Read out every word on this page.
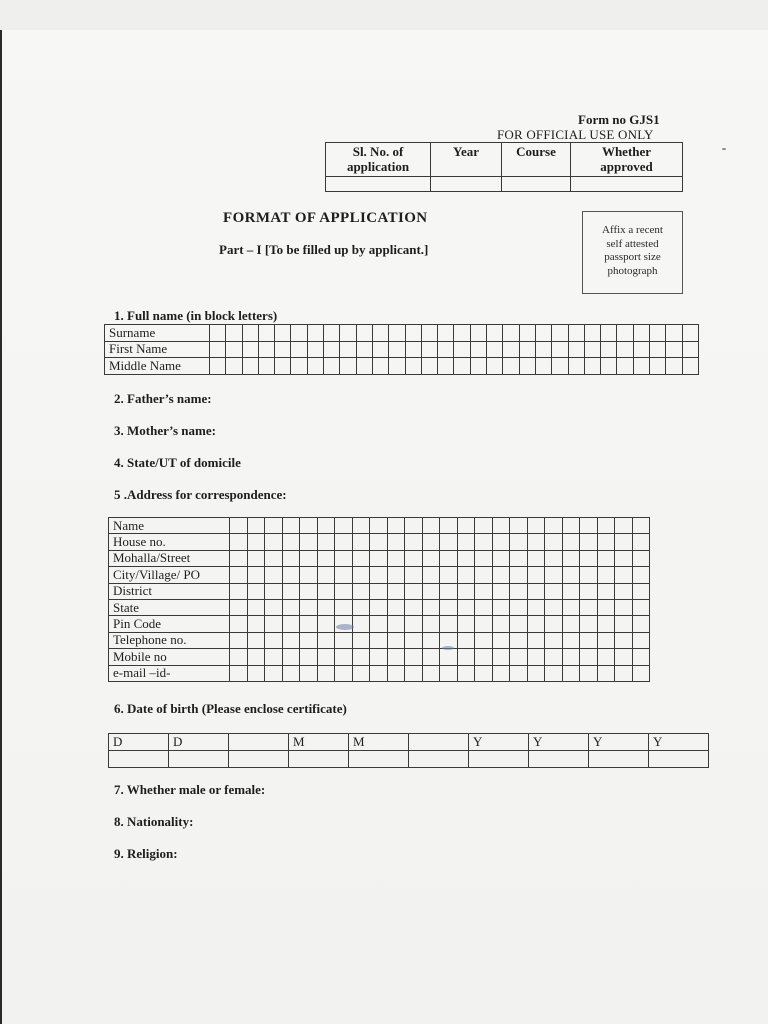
Form no GJS1
FOR OFFICIAL USE ONLY
Sl. No. of
application	Year	Course	Whether
approved

FORMAT OF APPLICATION
Part – I [To be filled up by applicant.]
Affix a recent
self attested
passport size
photograph
1. Full name (in block letters)
Surname																														
First Name																														
Middle Name																														
2. Father’s name:
3. Mother’s name:
4. State/UT of domicile
5 .Address for correspondence:
Name																								
House no.																								
Mohalla/Street																								
City/Village/ PO																								
District																								
State																								
Pin Code																								
Telephone no.																								
Mobile no																								
e-mail –id-																								
6. Date of birth (Please enclose certificate)
D	D		M	M		Y	Y	Y	Y

7. Whether male or female:
8. Nationality:
9. Religion:
